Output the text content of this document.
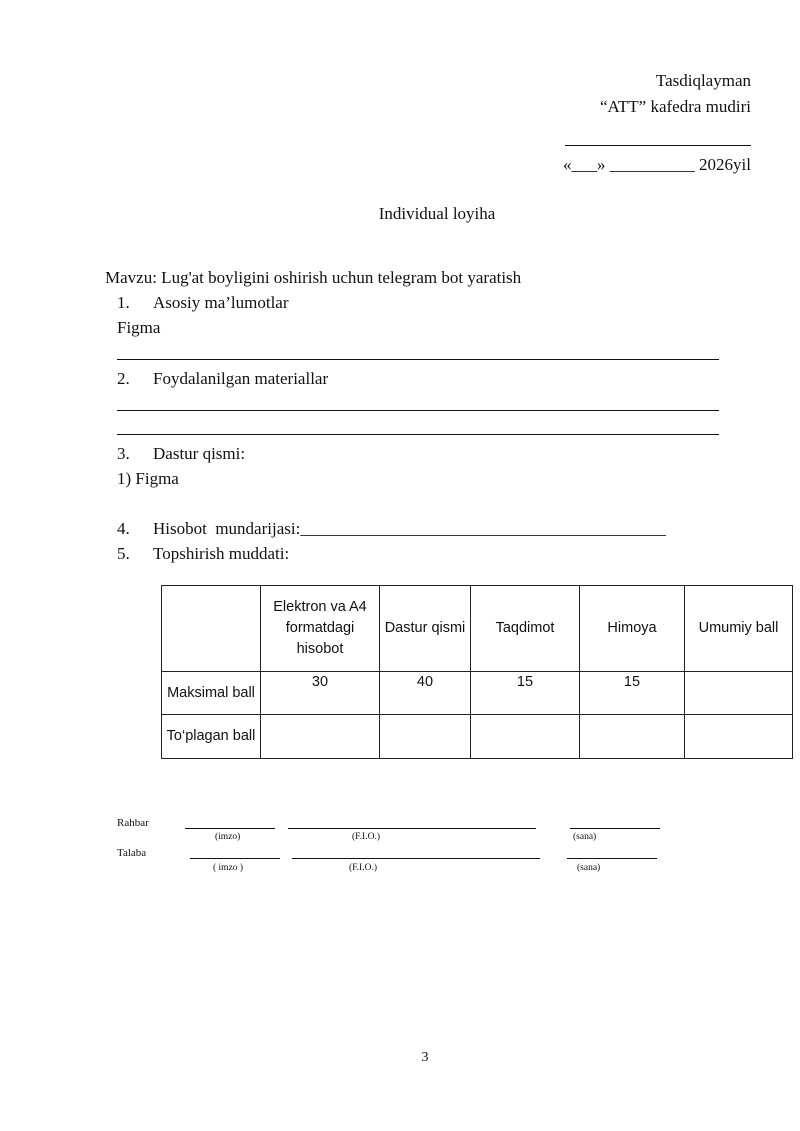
Tasdiqlayman
“ATT” kafedra mudiri
«___» __________ 2026yil
Individual loyiha
Mavzu: Lug'at boyligini oshirish uchun telegram bot yaratish
1. Asosiy ma’lumotlar
Figma
2. Foydalanilgan materiallar
3. Dastur qismi:
1) Figma
4. Hisobot  mundarijasi:___________________________________________
5. Topshirish muddati:
	Elektron va A4 formatdagi hisobot	Dastur qismi	Taqdimot	Himoya	Umumiy ball
Maksimal ball	30	40	15	15	
To‘plagan ball					
Rahbar
(imzo)	(F.I.O.)	(sana)
Talaba
( imzo )	(F.I.O.)	(sana)
3
